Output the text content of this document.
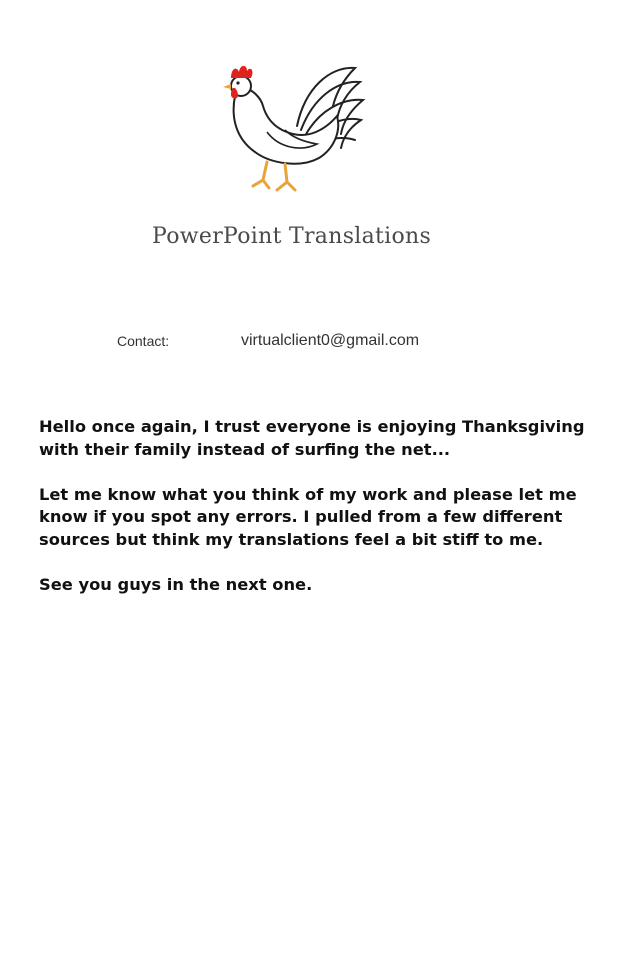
PowerPoint Translations
Contact:	virtualclient0@gmail.com

Hello once again, I trust everyone is enjoying Thanksgiving with their family instead of surfing the net...

Let me know what you think of my work and please let me know if you spot any errors. I pulled from a few different sources but think my translations feel a bit stiff to me.

See you guys in the next one.
